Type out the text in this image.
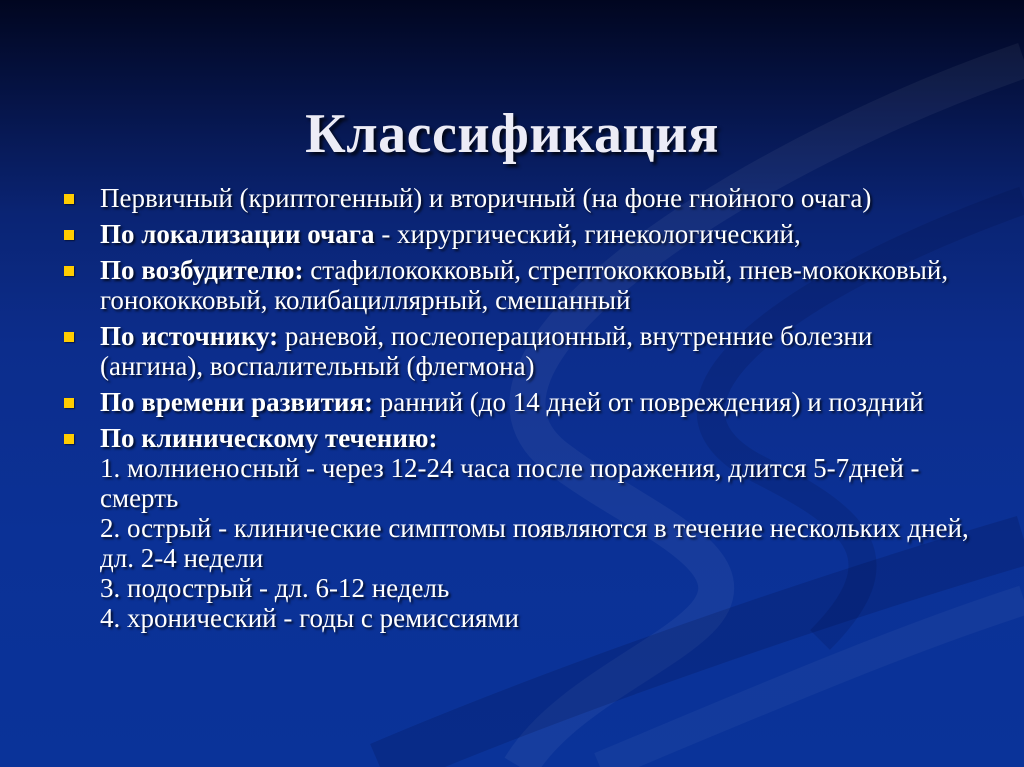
Классификация
Первичный (криптогенный) и вторичный (на фоне гнойного очага)
По локализации очага - хирургический, гинекологический,
По возбудителю: стафилококковый, стрептококковый, пнев-мококковый, гонококковый, колибациллярный, смешанный
По источнику: раневой, послеоперационный, внутренние болезни (ангина), воспалительный (флегмона)
По времени развития: ранний (до 14 дней от повреждения) и поздний
По клиническому течению:
1. молниеносный - через 12-24 часа после поражения, длится 5-7дней - смерть
2. острый - клинические симптомы появляются в течение нескольких дней, дл. 2-4 недели
3. подострый - дл. 6-12 недель
4. хронический - годы с ремиссиями
